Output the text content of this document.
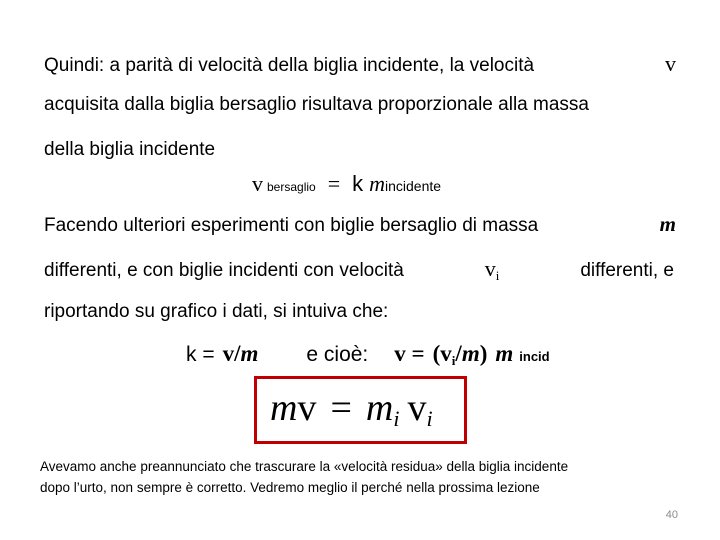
Quindi: a parità di velocità della biglia incidente, la velocità	v
acquisita dalla biglia bersaglio risultava proporzionale alla massa
della biglia incidente
v bersaglio = k m incidente
Facendo ulteriori esperimenti con biglie bersaglio di massa	m
differenti, e con biglie incidenti con velocità	v i	differenti, e
riportando su grafico i dati, si intuiva che:
k = v / m e cioè: v = (v i / m ) m incid
m v = m i v i
Avevamo anche preannunciato che trascurare la «velocità residua» della biglia incidente
dopo l’urto, non sempre è corretto. Vedremo meglio il perché nella prossima lezione
40
